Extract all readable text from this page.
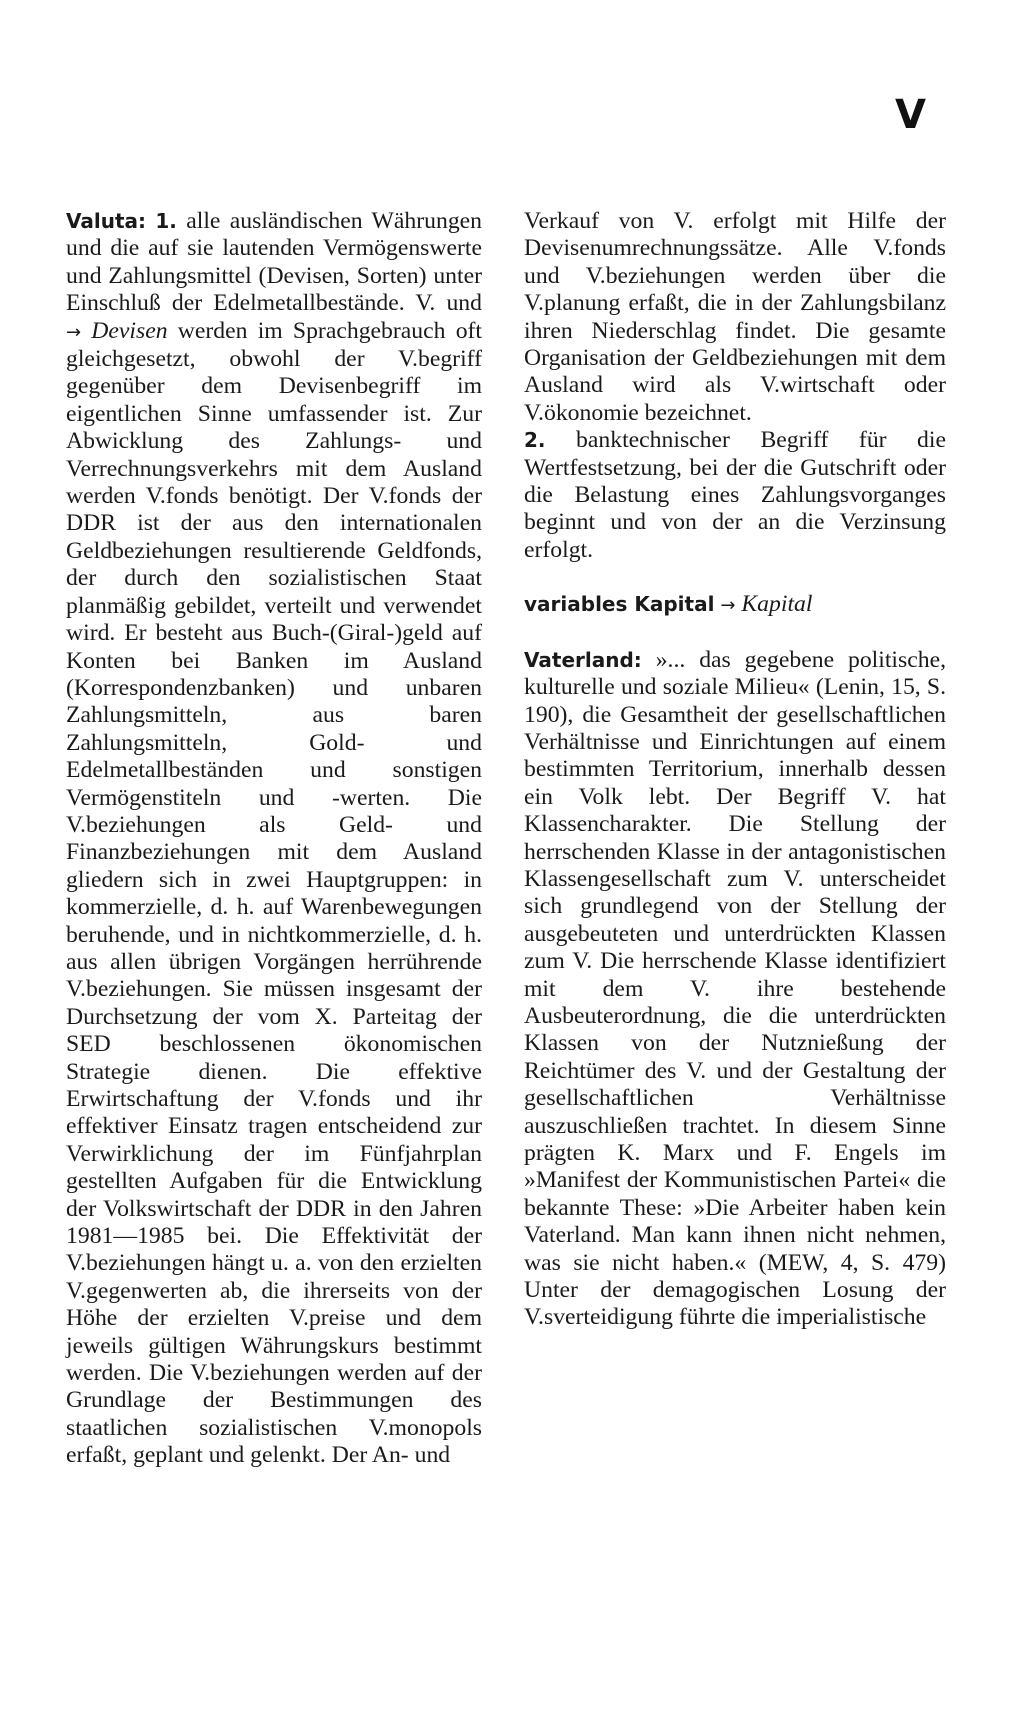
V

Valuta: 1. alle ausländischen Währungen und die auf sie lautenden Vermögenswerte und Zahlungsmittel (Devisen, Sorten) unter Einschluß der Edelmetallbestände. V. und → Devisen werden im Sprachgebrauch oft gleichgesetzt, obwohl der V.begriff gegenüber dem Devisenbegriff im eigentlichen Sinne umfassender ist. Zur Abwicklung des Zahlungs- und Verrechnungsverkehrs mit dem Ausland werden V.fonds benötigt. Der V.fonds der DDR ist der aus den internationalen Geldbeziehungen resultierende Geldfonds, der durch den sozialistischen Staat planmäßig gebildet, verteilt und verwendet wird. Er besteht aus Buch-(Giral-)geld auf Konten bei Banken im Ausland (Korrespondenzbanken) und unbaren Zahlungsmitteln, aus baren Zahlungsmitteln, Gold- und Edelmetallbeständen und sonstigen Vermögenstiteln und -werten. Die V.beziehungen als Geld- und Finanzbeziehungen mit dem Ausland gliedern sich in zwei Hauptgruppen: in kommerzielle, d. h. auf Warenbewegungen beruhende, und in nichtkommerzielle, d. h. aus allen übrigen Vorgängen herrührende V.beziehungen. Sie müssen insgesamt der Durchsetzung der vom X. Parteitag der SED beschlossenen ökonomischen Strategie dienen. Die effektive Erwirtschaftung der V.fonds und ihr effektiver Einsatz tragen entscheidend zur Verwirklichung der im Fünfjahrplan gestellten Aufgaben für die Entwicklung der Volkswirtschaft der DDR in den Jahren 1981—1985 bei. Die Effektivität der V.beziehungen hängt u. a. von den erzielten V.gegenwerten ab, die ihrerseits von der Höhe der erzielten V.preise und dem jeweils gültigen Währungskurs bestimmt werden. Die V.beziehungen werden auf der Grundlage der Bestimmungen des staatlichen sozialistischen V.monopols erfaßt, geplant und gelenkt. Der An- und

Verkauf von V. erfolgt mit Hilfe der Devisenumrechnungssätze. Alle V.fonds und V.beziehungen werden über die V.planung erfaßt, die in der Zahlungsbilanz ihren Niederschlag findet. Die gesamte Organisation der Geldbeziehungen mit dem Ausland wird als V.wirtschaft oder V.ökonomie bezeichnet.

2. banktechnischer Begriff für die Wertfestsetzung, bei der die Gutschrift oder die Belastung eines Zahlungsvorganges beginnt und von der an die Verzinsung erfolgt.

variables Kapital → Kapital

Vaterland: »... das gegebene politische, kulturelle und soziale Milieu« (Lenin, 15, S. 190), die Gesamtheit der gesellschaftlichen Verhältnisse und Einrichtungen auf einem bestimmten Territorium, innerhalb dessen ein Volk lebt. Der Begriff V. hat Klassencharakter. Die Stellung der herrschenden Klasse in der antagonistischen Klassengesellschaft zum V. unterscheidet sich grundlegend von der Stellung der ausgebeuteten und unterdrückten Klassen zum V. Die herrschende Klasse identifiziert mit dem V. ihre bestehende Ausbeuterordnung, die die unterdrückten Klassen von der Nutznießung der Reichtümer des V. und der Gestaltung der gesellschaftlichen Verhältnisse auszuschließen trachtet. In diesem Sinne prägten K. Marx und F. Engels im »Manifest der Kommunistischen Partei« die bekannte These: »Die Arbeiter haben kein Vaterland. Man kann ihnen nicht nehmen, was sie nicht haben.« (MEW, 4, S. 479) Unter der demagogischen Losung der V.sverteidigung führte die imperialistische
